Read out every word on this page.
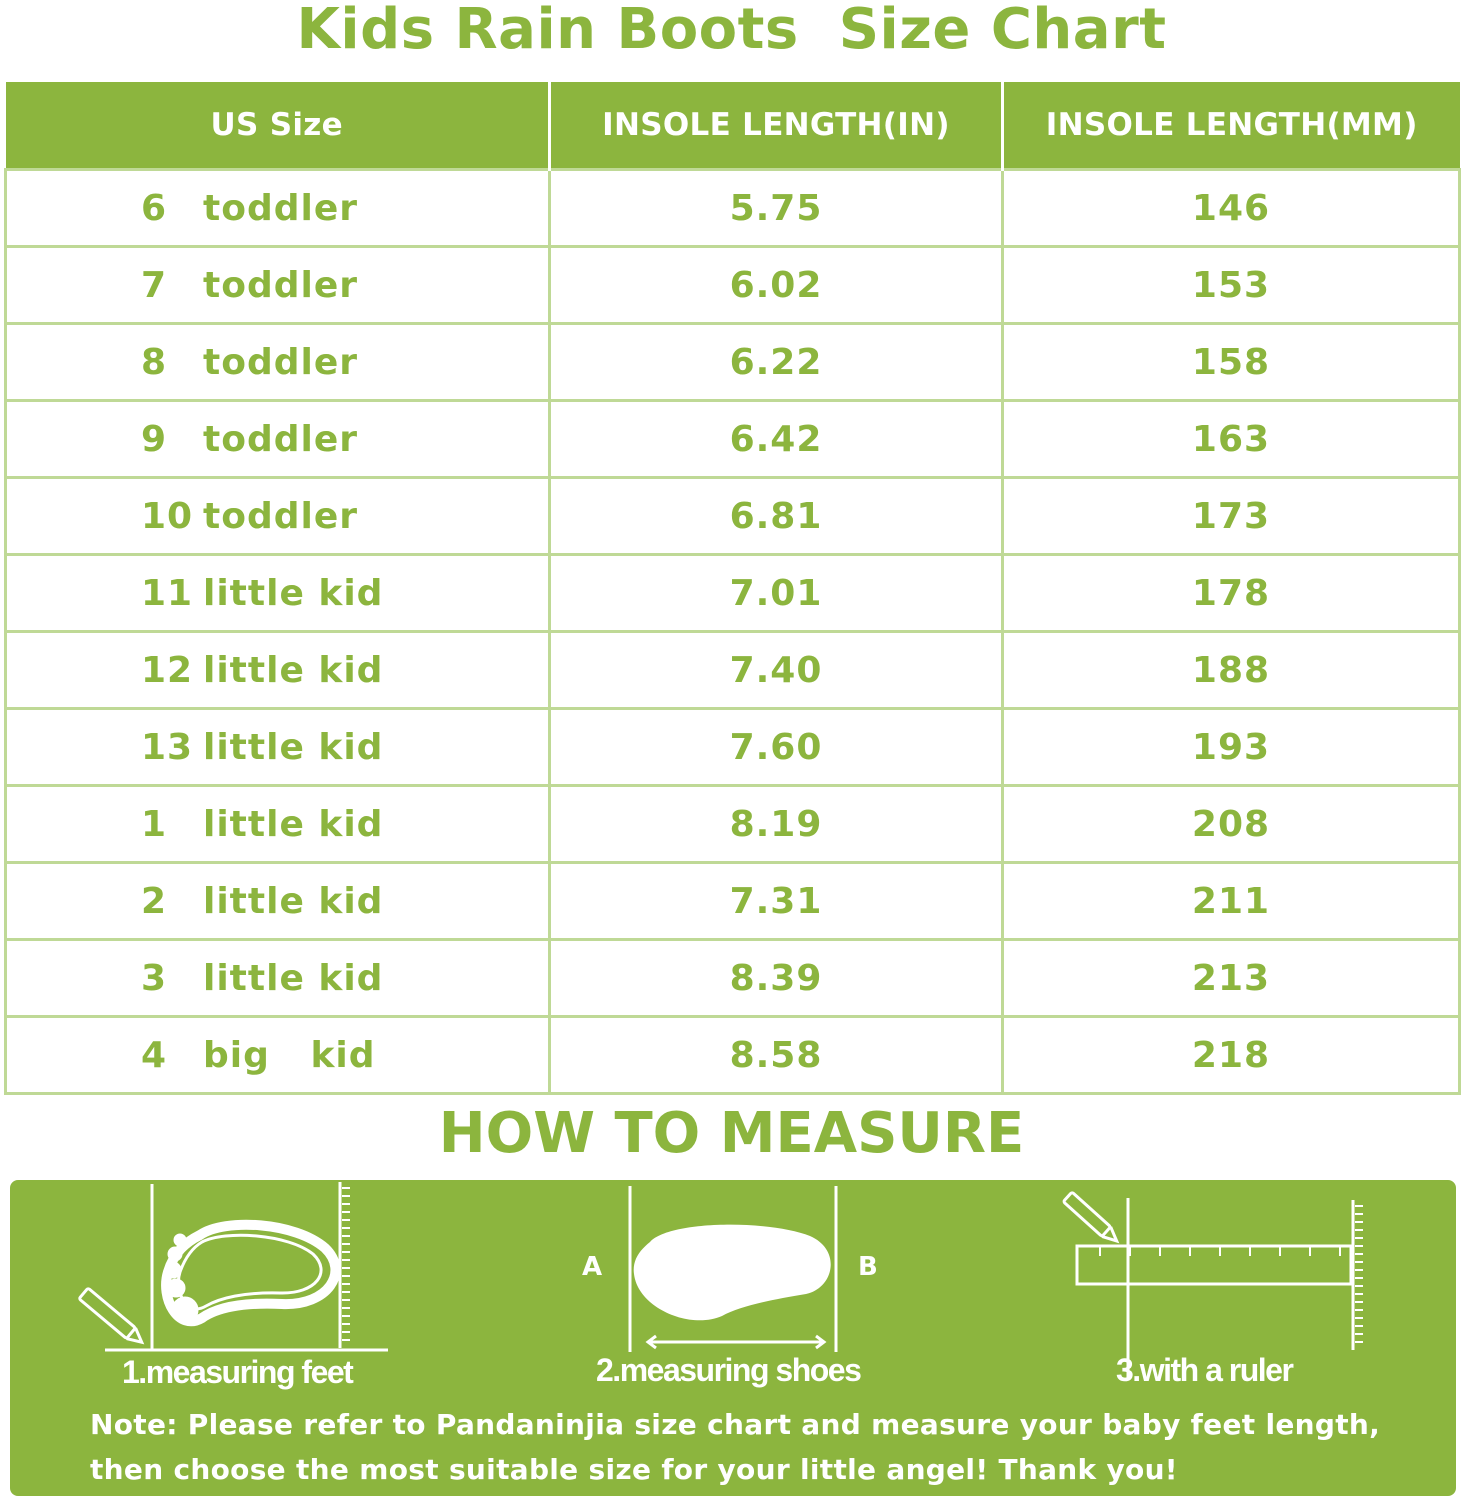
Kids Rain Boots  Size Chart
US Size	INSOLE LENGTH(IN)	INSOLE LENGTH(MM)

6 toddler	5.75	146

7 toddler	6.02	153

8 toddler	6.22	158

9 toddler	6.42	163

10 toddler	6.81	173

11 little kid	7.01	178

12 little kid	7.40	188

13 little kid	7.60	193

1 little kid	8.19	208

2 little kid	7.31	211

3 little kid	8.39	213

4 big   kid	8.58	218
HOW TO MEASURE
A	B
1.measuring feet	2.measuring shoes	3.with a ruler
Note: Please refer to Pandaninjia size chart and measure your baby feet length, then choose the most suitable size for your little angel! Thank you!
